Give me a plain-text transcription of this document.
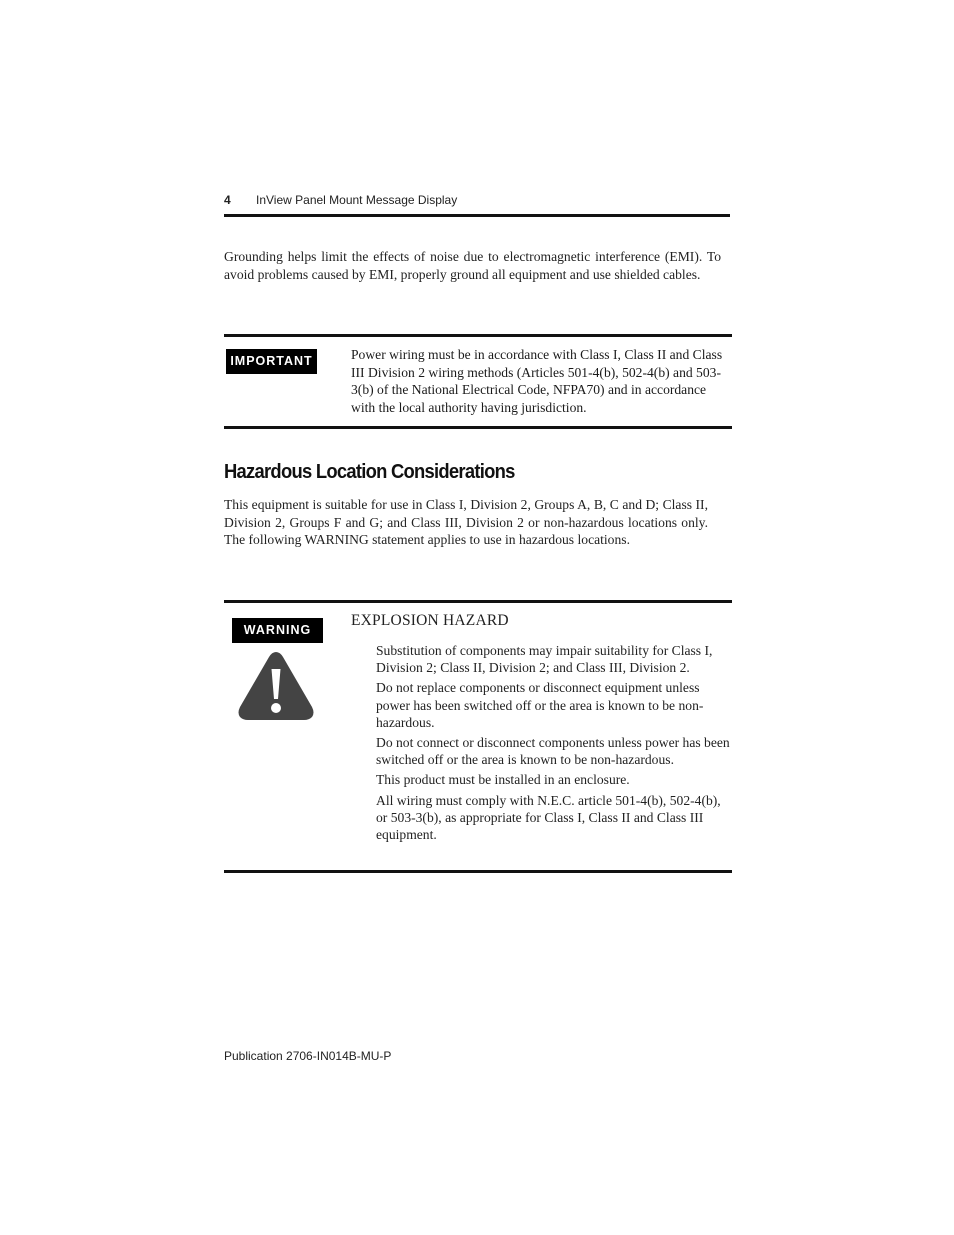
4 InView Panel Mount Message Display

Grounding helps limit the effects of noise due to electromagnetic interference (EMI). To avoid problems caused by EMI, properly ground all equipment and use shielded cables.

IMPORTANT	Power wiring must be in accordance with Class I, Class II and Class III Division 2 wiring methods (Articles 501-4(b), 502-4(b) and 503-3(b) of the National Electrical Code, NFPA70) and in accordance with the local authority having jurisdiction.
Hazardous Location Considerations

This equipment is suitable for use in Class I, Division 2, Groups A, B, C and D; Class II, Division 2, Groups F and G; and Class III, Division 2 or non-hazardous locations only. The following WARNING statement applies to use in hazardous locations.

WARNING
EXPLOSION HAZARD
Substitution of components may impair suitability for Class I, Division 2; Class II, Division 2; and Class III, Division 2.
Do not replace components or disconnect equipment unless power has been switched off or the area is known to be non-hazardous.
Do not connect or disconnect components unless power has been switched off or the area is known to be non-hazardous.
This product must be installed in an enclosure.
All wiring must comply with N.E.C. article 501-4(b), 502-4(b), or 503-3(b), as appropriate for Class I, Class II and Class III equipment.
Publication 2706-IN014B-MU-P
